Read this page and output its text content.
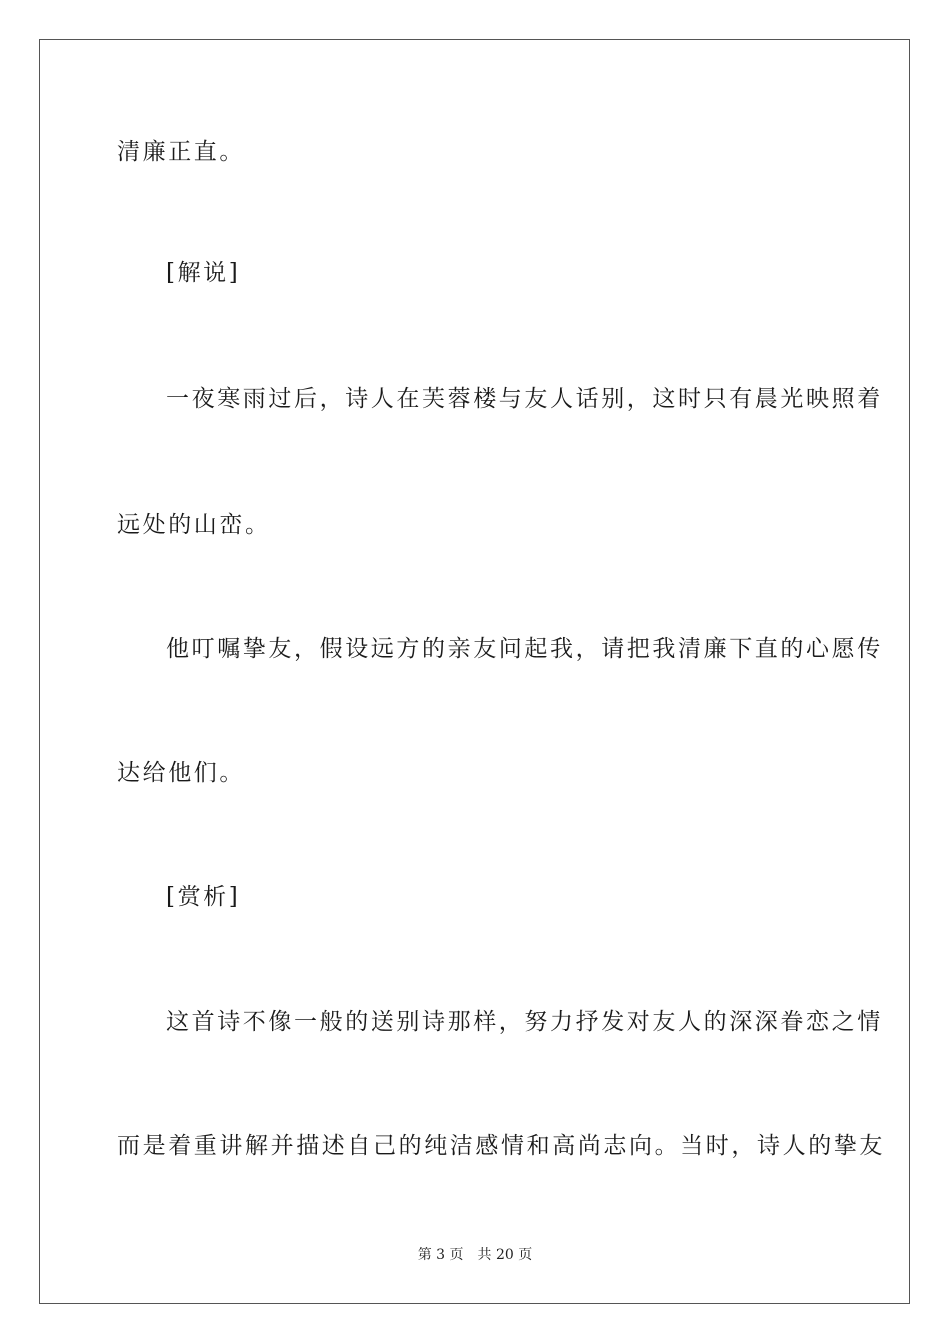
清廉正直。
[解说]
一夜寒雨过后，诗人在芙蓉楼与友人话别，这时只有晨光映照着
远处的山峦。
他叮嘱挚友，假设远方的亲友问起我，请把我清廉下直的心愿传
达给他们。
[赏析]
这首诗不像一般的送别诗那样，努力抒发对友人的深深眷恋之情
而是着重讲解并描述自己的纯洁感情和高尚志向。当时，诗人的挚友
第 3 页 共 20 页
